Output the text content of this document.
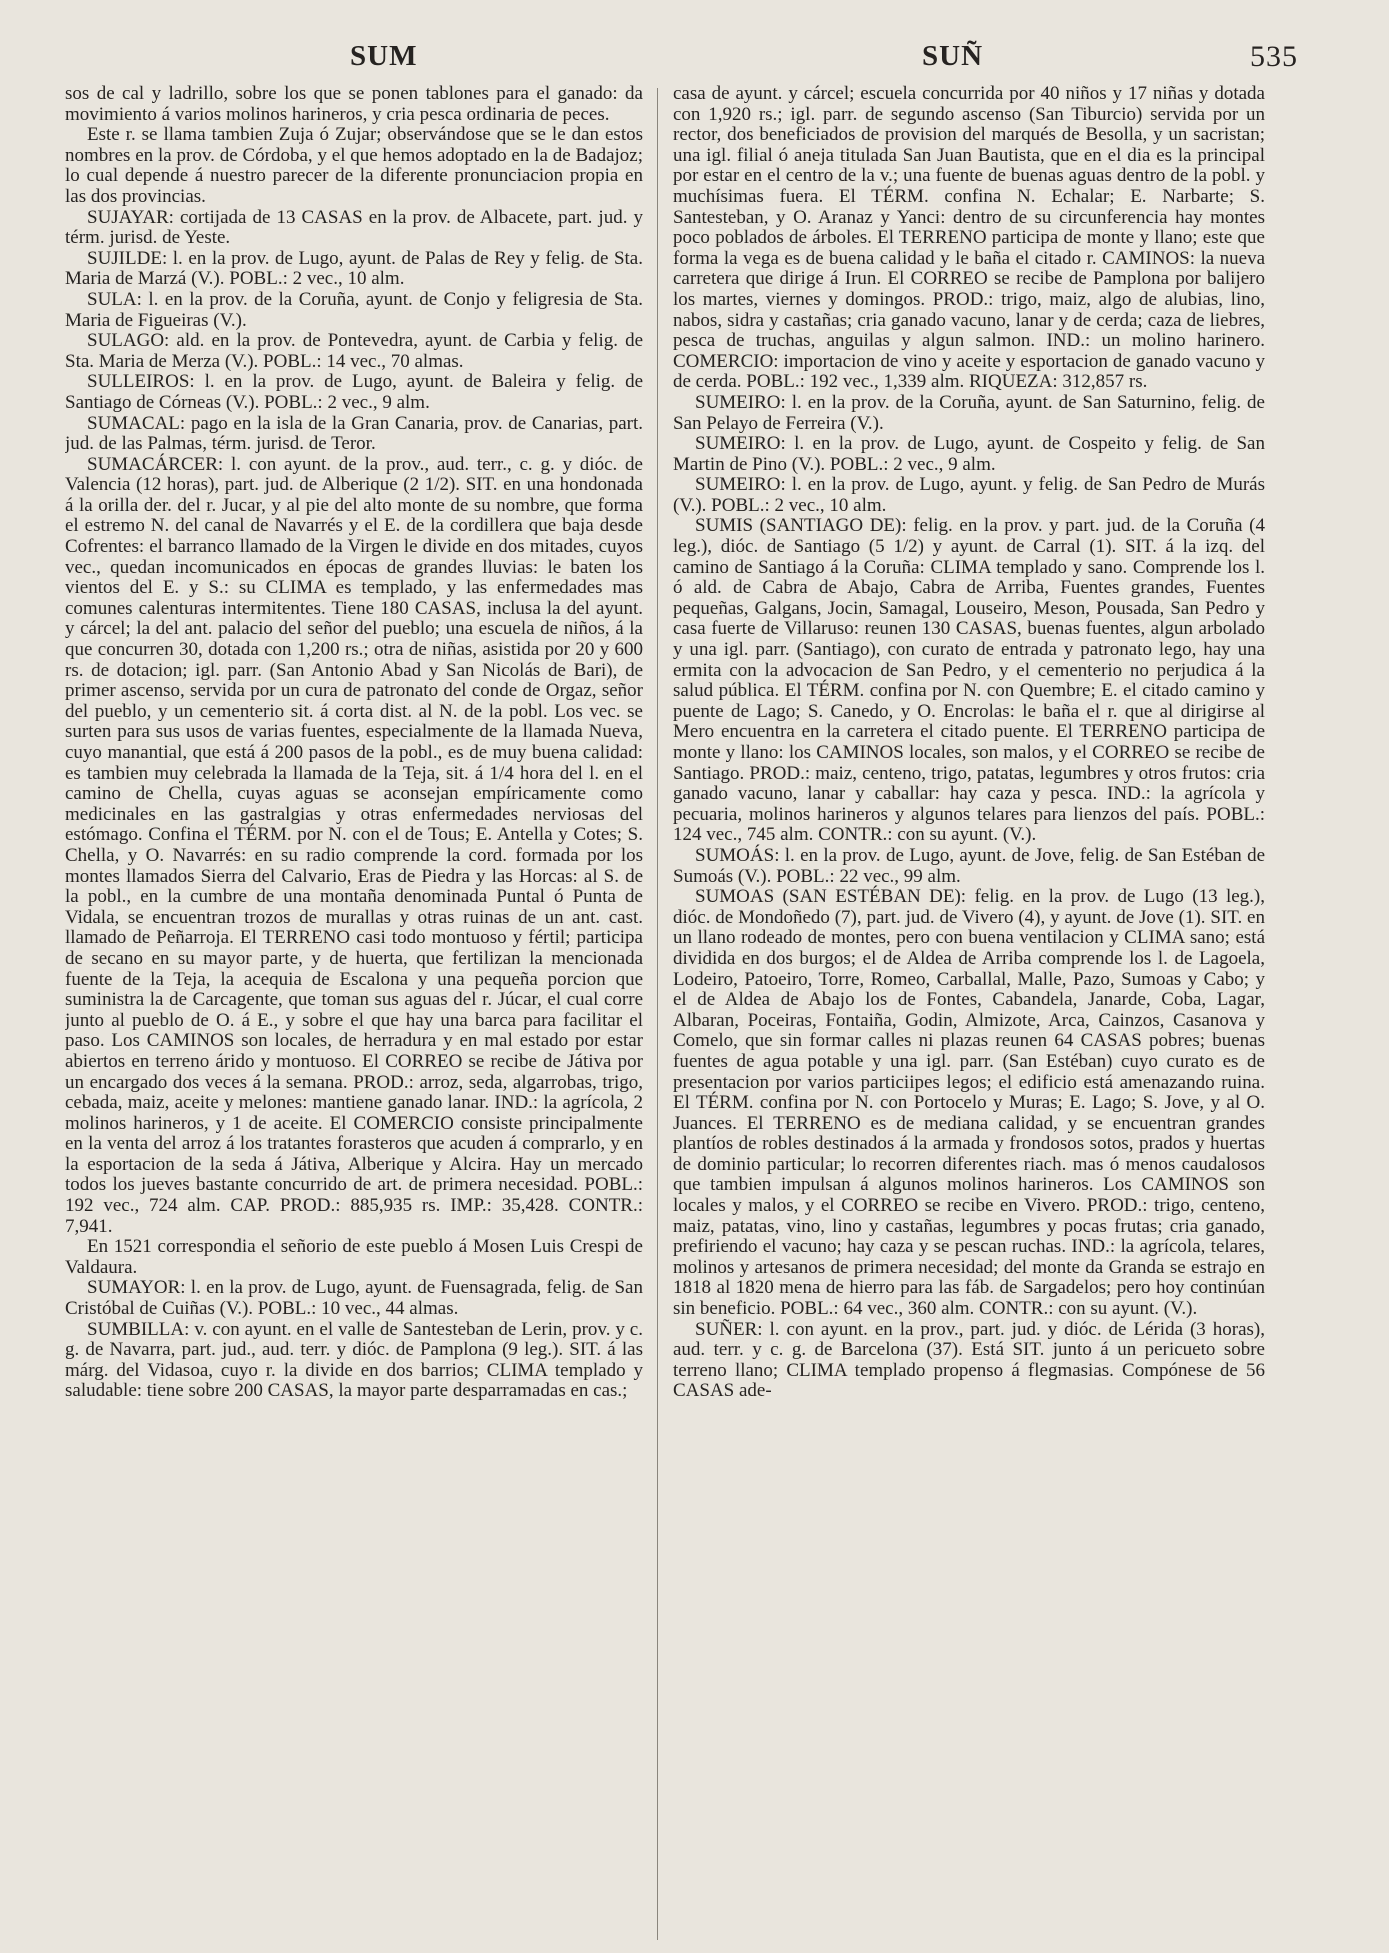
SUM	SUÑ	535

sos de cal y ladrillo, sobre los que se ponen tablones para el ganado: da movimiento á varios molinos harineros, y cria pesca ordinaria de peces.

Este r. se llama tambien Zuja ó Zujar; observándose que se le dan estos nombres en la prov. de Córdoba, y el que hemos adoptado en la de Badajoz; lo cual depende á nuestro parecer de la diferente pronunciacion propia en las dos provincias.

SUJAYAR: cortijada de 13 CASAS en la prov. de Albacete, part. jud. y térm. jurisd. de Yeste.

SUJILDE: l. en la prov. de Lugo, ayunt. de Palas de Rey y felig. de Sta. Maria de Marzá (V.). POBL.: 2 vec., 10 alm.

SULA: l. en la prov. de la Coruña, ayunt. de Conjo y feligresia de Sta. Maria de Figueiras (V.).

SULAGO: ald. en la prov. de Pontevedra, ayunt. de Carbia y felig. de Sta. Maria de Merza (V.). POBL.: 14 vec., 70 almas.

SULLEIROS: l. en la prov. de Lugo, ayunt. de Baleira y felig. de Santiago de Córneas (V.). POBL.: 2 vec., 9 alm.

SUMACAL: pago en la isla de la Gran Canaria, prov. de Canarias, part. jud. de las Palmas, térm. jurisd. de Teror.

SUMACÁRCER: l. con ayunt. de la prov., aud. terr., c. g. y dióc. de Valencia (12 horas), part. jud. de Alberique (2 1/2). SIT. en una hondonada á la orilla der. del r. Jucar, y al pie del alto monte de su nombre, que forma el estremo N. del canal de Navarrés y el E. de la cordillera que baja desde Cofrentes: el barranco llamado de la Virgen le divide en dos mitades, cuyos vec., quedan incomunicados en épocas de grandes lluvias: le baten los vientos del E. y S.: su CLIMA es templado, y las enfermedades mas comunes calenturas intermitentes. Tiene 180 CASAS, inclusa la del ayunt. y cárcel; la del ant. palacio del señor del pueblo; una escuela de niños, á la que concurren 30, dotada con 1,200 rs.; otra de niñas, asistida por 20 y 600 rs. de dotacion; igl. parr. (San Antonio Abad y San Nicolás de Bari), de primer ascenso, servida por un cura de patronato del conde de Orgaz, señor del pueblo, y un cementerio sit. á corta dist. al N. de la pobl. Los vec. se surten para sus usos de varias fuentes, especialmente de la llamada Nueva, cuyo manantial, que está á 200 pasos de la pobl., es de muy buena calidad: es tambien muy celebrada la llamada de la Teja, sit. á 1/4 hora del l. en el camino de Chella, cuyas aguas se aconsejan empíricamente como medicinales en las gastralgias y otras enfermedades nerviosas del estómago. Confina el TÉRM. por N. con el de Tous; E. Antella y Cotes; S. Chella, y O. Navarrés: en su radio comprende la cord. formada por los montes llamados Sierra del Calvario, Eras de Piedra y las Horcas: al S. de la pobl., en la cumbre de una montaña denominada Puntal ó Punta de Vidala, se encuentran trozos de murallas y otras ruinas de un ant. cast. llamado de Peñarroja. El TERRENO casi todo montuoso y fértil; participa de secano en su mayor parte, y de huerta, que fertilizan la mencionada fuente de la Teja, la acequia de Escalona y una pequeña porcion que suministra la de Carcagente, que toman sus aguas del r. Júcar, el cual corre junto al pueblo de O. á E., y sobre el que hay una barca para facilitar el paso. Los CAMINOS son locales, de herradura y en mal estado por estar abiertos en terreno árido y montuoso. El CORREO se recibe de Játiva por un encargado dos veces á la semana. PROD.: arroz, seda, algarrobas, trigo, cebada, maiz, aceite y melones: mantiene ganado lanar. IND.: la agrícola, 2 molinos harineros, y 1 de aceite. El COMERCIO consiste principalmente en la venta del arroz á los tratantes forasteros que acuden á comprarlo, y en la esportacion de la seda á Játiva, Alberique y Alcira. Hay un mercado todos los jueves bastante concurrido de art. de primera necesidad. POBL.: 192 vec., 724 alm. CAP. PROD.: 885,935 rs. IMP.: 35,428. CONTR.: 7,941.

En 1521 correspondia el señorio de este pueblo á Mosen Luis Crespi de Valdaura.

SUMAYOR: l. en la prov. de Lugo, ayunt. de Fuensagrada, felig. de San Cristóbal de Cuiñas (V.). POBL.: 10 vec., 44 almas.

SUMBILLA: v. con ayunt. en el valle de Santesteban de Lerin, prov. y c. g. de Navarra, part. jud., aud. terr. y dióc. de Pamplona (9 leg.). SIT. á las márg. del Vidasoa, cuyo r. la divide en dos barrios; CLIMA templado y saludable: tiene sobre 200 CASAS, la mayor parte desparramadas en cas.;

casa de ayunt. y cárcel; escuela concurrida por 40 niños y 17 niñas y dotada con 1,920 rs.; igl. parr. de segundo ascenso (San Tiburcio) servida por un rector, dos beneficiados de provision del marqués de Besolla, y un sacristan; una igl. filial ó aneja titulada San Juan Bautista, que en el dia es la principal por estar en el centro de la v.; una fuente de buenas aguas dentro de la pobl. y muchísimas fuera. El TÉRM. confina N. Echalar; E. Narbarte; S. Santesteban, y O. Aranaz y Yanci: dentro de su circunferencia hay montes poco poblados de árboles. El TERRENO participa de monte y llano; este que forma la vega es de buena calidad y le baña el citado r. CAMINOS: la nueva carretera que dirige á Irun. El CORREO se recibe de Pamplona por balijero los martes, viernes y domingos. PROD.: trigo, maiz, algo de alubias, lino, nabos, sidra y castañas; cria ganado vacuno, lanar y de cerda; caza de liebres, pesca de truchas, anguilas y algun salmon. IND.: un molino harinero. COMERCIO: importacion de vino y aceite y esportacion de ganado vacuno y de cerda. POBL.: 192 vec., 1,339 alm. RIQUEZA: 312,857 rs.

SUMEIRO: l. en la prov. de la Coruña, ayunt. de San Saturnino, felig. de San Pelayo de Ferreira (V.).

SUMEIRO: l. en la prov. de Lugo, ayunt. de Cospeito y felig. de San Martin de Pino (V.). POBL.: 2 vec., 9 alm.

SUMEIRO: l. en la prov. de Lugo, ayunt. y felig. de San Pedro de Murás (V.). POBL.: 2 vec., 10 alm.

SUMIS (SANTIAGO DE): felig. en la prov. y part. jud. de la Coruña (4 leg.), dióc. de Santiago (5 1/2) y ayunt. de Carral (1). SIT. á la izq. del camino de Santiago á la Coruña: CLIMA templado y sano. Comprende los l. ó ald. de Cabra de Abajo, Cabra de Arriba, Fuentes grandes, Fuentes pequeñas, Galgans, Jocin, Samagal, Louseiro, Meson, Pousada, San Pedro y casa fuerte de Villaruso: reunen 130 CASAS, buenas fuentes, algun arbolado y una igl. parr. (Santiago), con curato de entrada y patronato lego, hay una ermita con la advocacion de San Pedro, y el cementerio no perjudica á la salud pública. El TÉRM. confina por N. con Quembre; E. el citado camino y puente de Lago; S. Canedo, y O. Encrolas: le baña el r. que al dirigirse al Mero encuentra en la carretera el citado puente. El TERRENO participa de monte y llano: los CAMINOS locales, son malos, y el CORREO se recibe de Santiago. PROD.: maiz, centeno, trigo, patatas, legumbres y otros frutos: cria ganado vacuno, lanar y caballar: hay caza y pesca. IND.: la agrícola y pecuaria, molinos harineros y algunos telares para lienzos del país. POBL.: 124 vec., 745 alm. CONTR.: con su ayunt. (V.).

SUMOÁS: l. en la prov. de Lugo, ayunt. de Jove, felig. de San Estéban de Sumoás (V.). POBL.: 22 vec., 99 alm.

SUMOAS (SAN ESTÉBAN DE): felig. en la prov. de Lugo (13 leg.), dióc. de Mondoñedo (7), part. jud. de Vivero (4), y ayunt. de Jove (1). SIT. en un llano rodeado de montes, pero con buena ventilacion y CLIMA sano; está dividida en dos burgos; el de Aldea de Arriba comprende los l. de Lagoela, Lodeiro, Patoeiro, Torre, Romeo, Carballal, Malle, Pazo, Sumoas y Cabo; y el de Aldea de Abajo los de Fontes, Cabandela, Janarde, Coba, Lagar, Albaran, Poceiras, Fontaiña, Godin, Almizote, Arca, Cainzos, Casanova y Comelo, que sin formar calles ni plazas reunen 64 CASAS pobres; buenas fuentes de agua potable y una igl. parr. (San Estéban) cuyo curato es de presentacion por varios particiipes legos; el edificio está amenazando ruina. El TÉRM. confina por N. con Portocelo y Muras; E. Lago; S. Jove, y al O. Juances. El TERRENO es de mediana calidad, y se encuentran grandes plantíos de robles destinados á la armada y frondosos sotos, prados y huertas de dominio particular; lo recorren diferentes riach. mas ó menos caudalosos que tambien impulsan á algunos molinos harineros. Los CAMINOS son locales y malos, y el CORREO se recibe en Vivero. PROD.: trigo, centeno, maiz, patatas, vino, lino y castañas, legumbres y pocas frutas; cria ganado, prefiriendo el vacuno; hay caza y se pescan ruchas. IND.: la agrícola, telares, molinos y artesanos de primera necesidad; del monte da Granda se estrajo en 1818 al 1820 mena de hierro para las fáb. de Sargadelos; pero hoy continúan sin beneficio. POBL.: 64 vec., 360 alm. CONTR.: con su ayunt. (V.).

SUÑER: l. con ayunt. en la prov., part. jud. y dióc. de Lérida (3 horas), aud. terr. y c. g. de Barcelona (37). Está SIT. junto á un pericueto sobre terreno llano; CLIMA templado propenso á flegmasias. Compónese de 56 CASAS ade-
